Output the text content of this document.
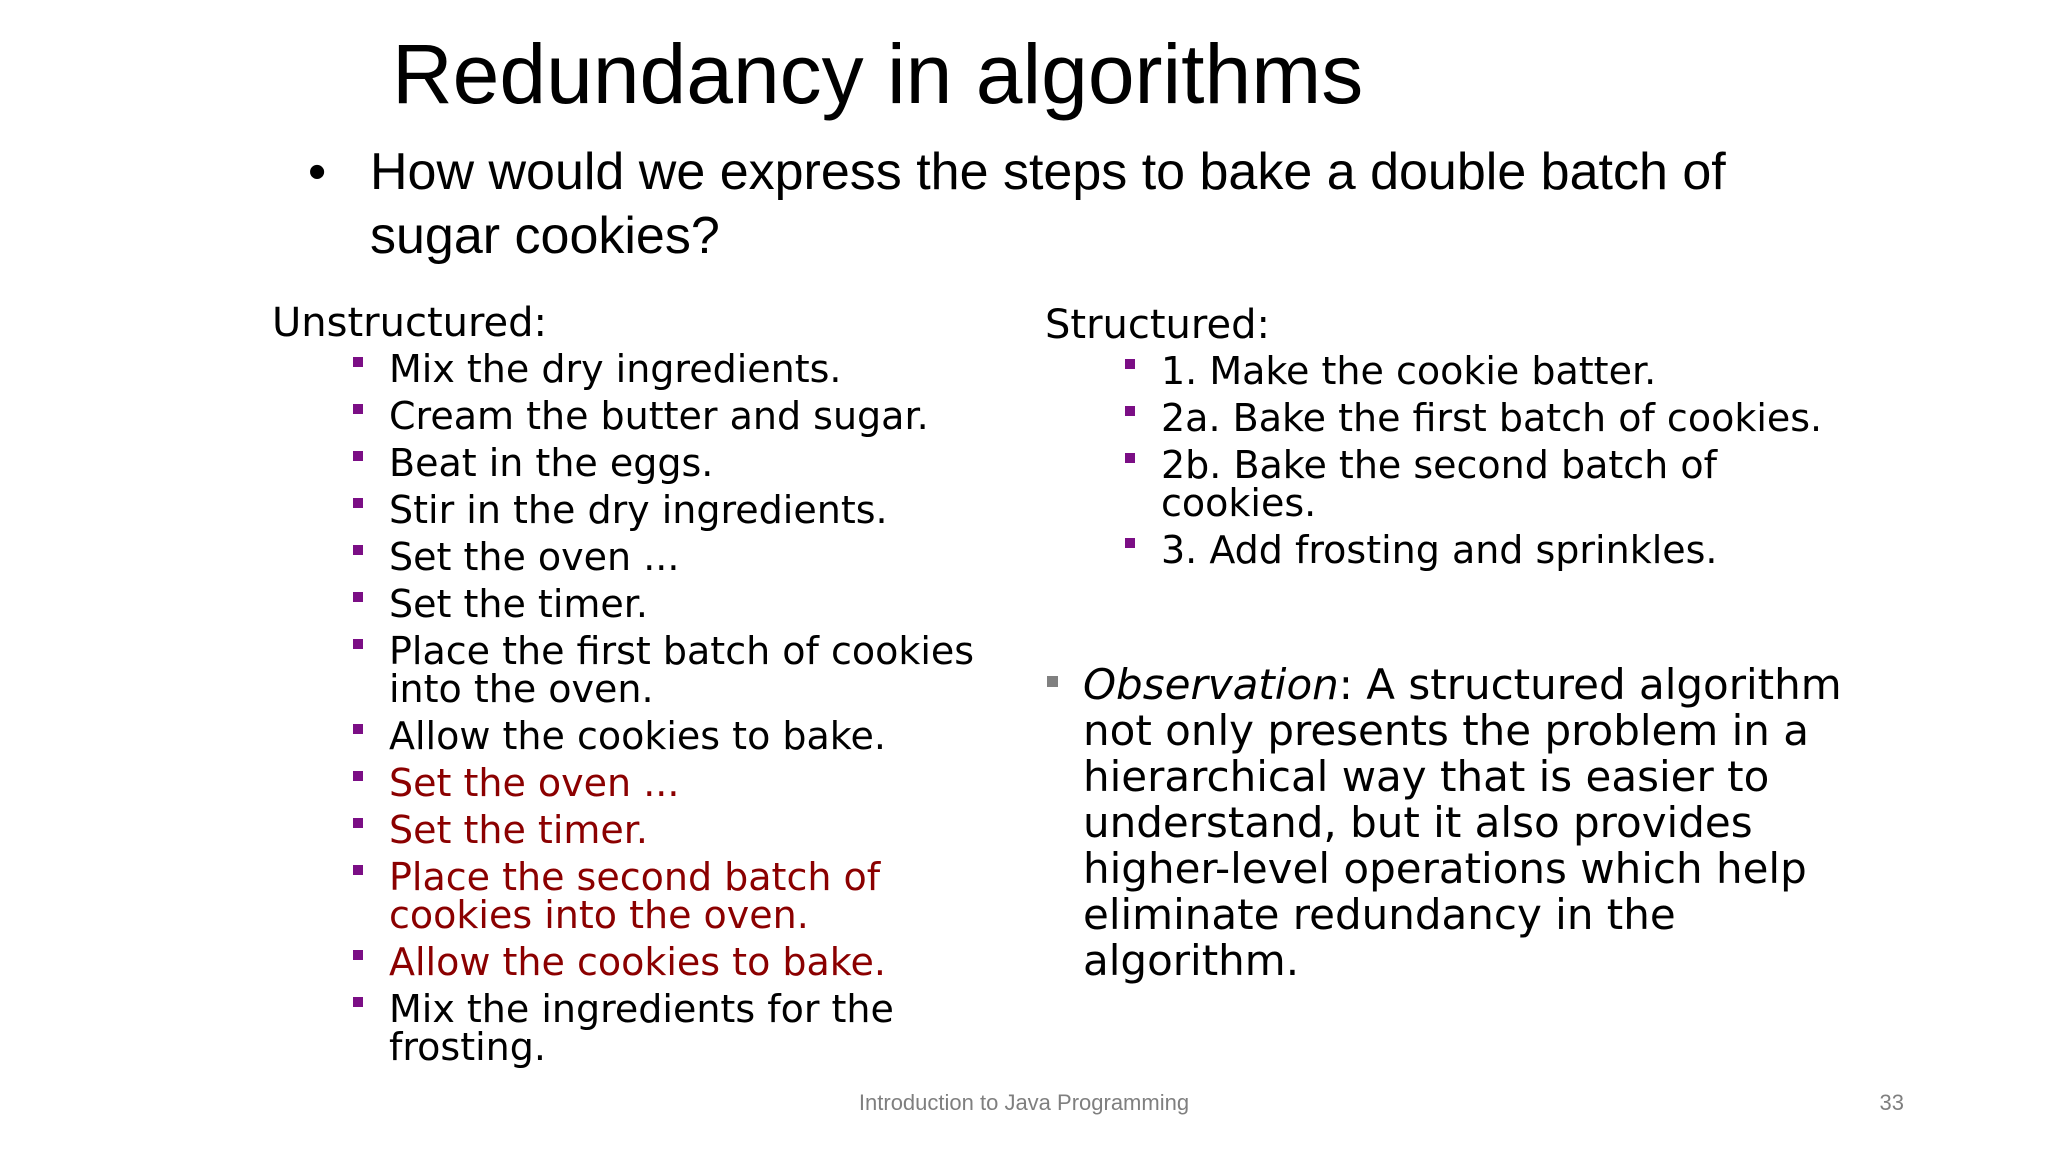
Redundancy in algorithms
• How would we express the steps to bake a double batch of sugar cookies?
Unstructured:
Mix the dry ingredients.
Cream the butter and sugar.
Beat in the eggs.
Stir in the dry ingredients.
Set the oven ...
Set the timer.
Place the first batch of cookies into the oven.
Allow the cookies to bake.
Set the oven ...
Set the timer.
Place the second batch of cookies into the oven.
Allow the cookies to bake.
Mix the ingredients for the frosting.
Structured:
1. Make the cookie batter.
2a. Bake the first batch of cookies.
2b. Bake the second batch of cookies.
3. Add frosting and sprinkles.
Observation: A structured algorithm not only presents the problem in a hierarchical way that is easier to understand, but it also provides higher-level operations which help eliminate redundancy in the algorithm.
Introduction to Java Programming	33
